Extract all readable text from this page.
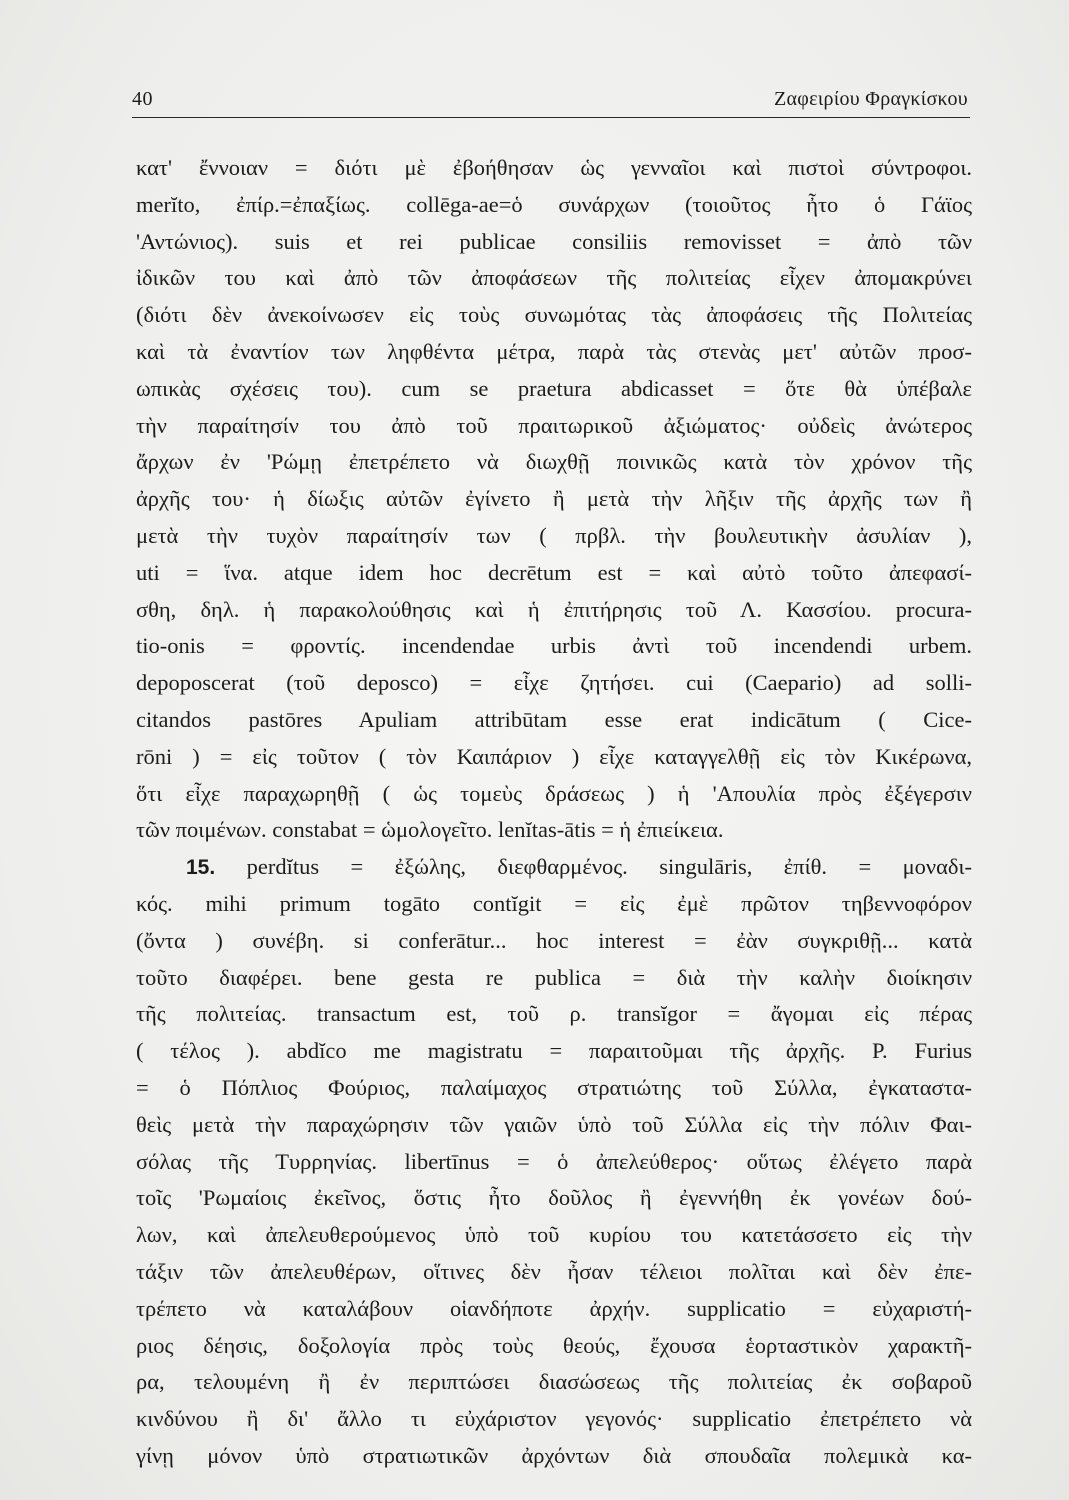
40	Ζαφειρίου Φραγκίσκου
κατ' ἔννοιαν = διότι μὲ ἐβοήθησαν ὡς γενναῖοι καὶ πιστοὶ σύντροφοι.
merĭto, ἐπίρ.=ἐπαξίως. collēga-ae=ὁ συνάρχων (τοιοῦτος ἦτο ὁ Γάϊος
'Αντώνιος). suis et rei publicae consiliis removisset = ἀπὸ τῶν
ἰδικῶν του καὶ ἀπὸ τῶν ἀποφάσεων τῆς πολιτείας εἶχεν ἀπομακρύνει
(διότι δὲν ἀνεκοίνωσεν εἰς τοὺς συνωμότας τὰς ἀποφάσεις τῆς Πολιτείας
καὶ τὰ ἐναντίον των ληφθέντα μέτρα, παρὰ τὰς στενὰς μετ' αὐτῶν προσ-
ωπικὰς σχέσεις του). cum se praetura abdicasset = ὅτε θὰ ὑπέβαλε
τὴν παραίτησίν του ἀπὸ τοῦ πραιτωρικοῦ ἀξιώματος· οὐδεὶς ἀνώτερος
ἄρχων ἐν 'Ρώμῃ ἐπετρέπετο νὰ διωχθῇ ποινικῶς κατὰ τὸν χρόνον τῆς
ἀρχῆς του· ἡ δίωξις αὐτῶν ἐγίνετο ἢ μετὰ τὴν λῆξιν τῆς ἀρχῆς των ἢ
μετὰ τὴν τυχὸν παραίτησίν των ( πρβλ. τὴν βουλευτικὴν ἀσυλίαν ),
uti = ἵνα. atque idem hoc decrētum est = καὶ αὐτὸ τοῦτο ἀπεφασί-
σθη, δηλ. ἡ παρακολούθησις καὶ ἡ ἐπιτήρησις τοῦ Λ. Κασσίου. procura-
tio-onis = φροντίς. incendendae urbis ἀντὶ τοῦ incendendi urbem.
depoposcerat (τοῦ deposco) = εἶχε ζητήσει. cui (Caepario) ad solli-
citandos pastōres Apuliam attribūtam esse erat indicātum ( Cice-
rōni ) = εἰς τοῦτον ( τὸν Καιπάριον ) εἶχε καταγγελθῇ εἰς τὸν Κικέρωνα,
ὅτι εἶχε παραχωρηθῇ ( ὡς τομεὺς δράσεως ) ἡ 'Απουλία πρὸς ἐξέγερσιν
τῶν ποιμένων. constabat = ὡμολογεῖτο. lenĭtas-ātis = ἡ ἐπιείκεια.
15. perdĭtus = ἐξώλης, διεφθαρμένος. singulāris, ἐπίθ. = μοναδι-
κός. mihi primum togāto contĭgit = εἰς ἐμὲ πρῶτον τηβεννοφόρον
(ὄντα ) συνέβη. si conferātur... hoc interest = ἐὰν συγκριθῇ... κατὰ
τοῦτο διαφέρει. bene gesta re publica = διὰ τὴν καλὴν διοίκησιν
τῆς πολιτείας. transactum est, τοῦ ρ. transĭgor = ἄγομαι εἰς πέρας
( τέλος ). abdĭco me magistratu = παραιτοῦμαι τῆς ἀρχῆς. P. Furius
= ὁ Πόπλιος Φούριος, παλαίμαχος στρατιώτης τοῦ Σύλλα, ἐγκαταστα-
θεὶς μετὰ τὴν παραχώρησιν τῶν γαιῶν ὑπὸ τοῦ Σύλλα εἰς τὴν πόλιν Φαι-
σόλας τῆς Τυρρηνίας. libertīnus = ὁ ἀπελεύθερος· οὕτως ἐλέγετο παρὰ
τοῖς 'Ρωμαίοις ἐκεῖνος, ὅστις ἦτο δοῦλος ἢ ἐγεννήθη ἐκ γονέων δού-
λων, καὶ ἀπελευθερούμενος ὑπὸ τοῦ κυρίου του κατετάσσετο εἰς τὴν
τάξιν τῶν ἀπελευθέρων, οἵτινες δὲν ἦσαν τέλειοι πολῖται καὶ δὲν ἐπε-
τρέπετο νὰ καταλάβουν οἱανδήποτε ἀρχήν. supplicatio = εὐχαριστή-
ριος δέησις, δοξολογία πρὸς τοὺς θεούς, ἔχουσα ἑορταστικὸν χαρακτῆ-
ρα, τελουμένη ἢ ἐν περιπτώσει διασώσεως τῆς πολιτείας ἐκ σοβαροῦ
κινδύνου ἢ δι' ἄλλο τι εὐχάριστον γεγονός· supplicatio ἐπετρέπετο νὰ
γίνῃ μόνον ὑπὸ στρατιωτικῶν ἀρχόντων διὰ σπουδαῖα πολεμικὰ κα-
